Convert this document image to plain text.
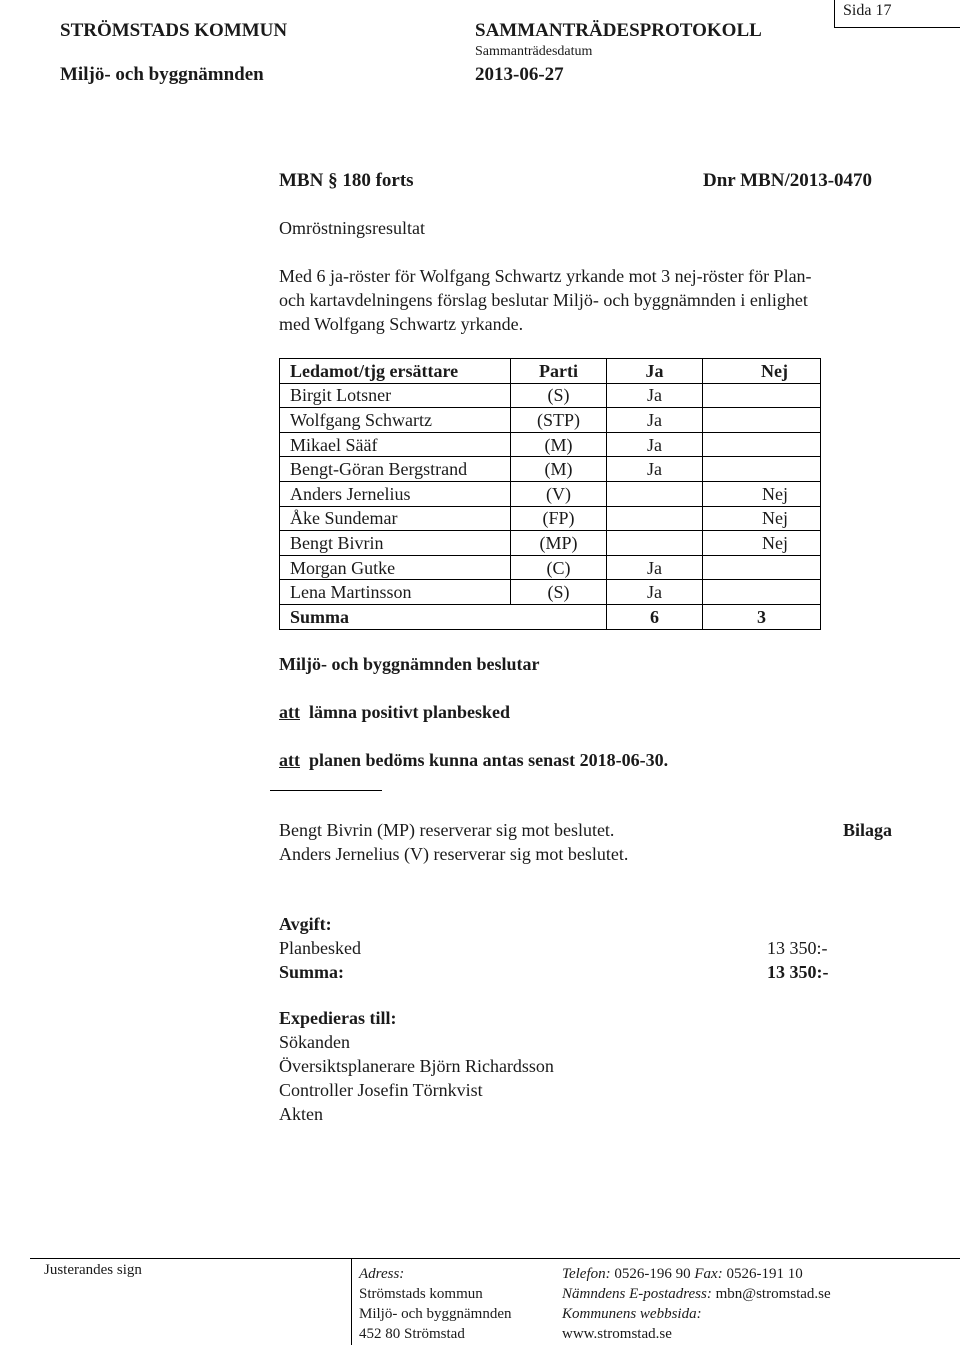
STRÖMSTADS KOMMUN
Miljö- och byggnämnden
SAMMANTRÄDESPROTOKOLL
Sammanträdesdatum
2013-06-27
Sida 17
MBN § 180 forts	Dnr MBN/2013-0470
Omröstningsresultat
Med 6 ja-röster för Wolfgang Schwartz yrkande mot 3 nej-röster för Plan-
och kartavdelningens förslag beslutar Miljö- och byggnämnden i enlighet
med Wolfgang Schwartz yrkande.
Ledamot/tjg ersättare	Parti	Ja	Nej
Birgit Lotsner	(S)	Ja	
Wolfgang Schwartz	(STP)	Ja	
Mikael Sääf	(M)	Ja	
Bengt-Göran Bergstrand	(M)	Ja	
Anders Jernelius	(V)		Nej
Åke Sundemar	(FP)		Nej
Bengt Bivrin	(MP)		Nej
Morgan Gutke	(C)	Ja	
Lena Martinsson	(S)	Ja	
Summa		6	3
Miljö- och byggnämnden beslutar
att lämna positivt planbesked
att planen bedöms kunna antas senast 2018-06-30.
Bengt Bivrin (MP) reserverar sig mot beslutet.
Anders Jernelius (V) reserverar sig mot beslutet.
Bilaga
Avgift:
Planbesked	13 350:-
Summa:	13 350:-
Expedieras till:
Sökanden
Översiktsplanerare Björn Richardsson
Controller Josefin Törnkvist
Akten
Justerandes sign	Adress:
Strömstads kommun
Miljö- och byggnämnden
452 80 Strömstad
Telefon: 0526-196 90 Fax: 0526-191 10
Nämndens E-postadress: mbn@stromstad.se
Kommunens webbsida:
www.stromstad.se
